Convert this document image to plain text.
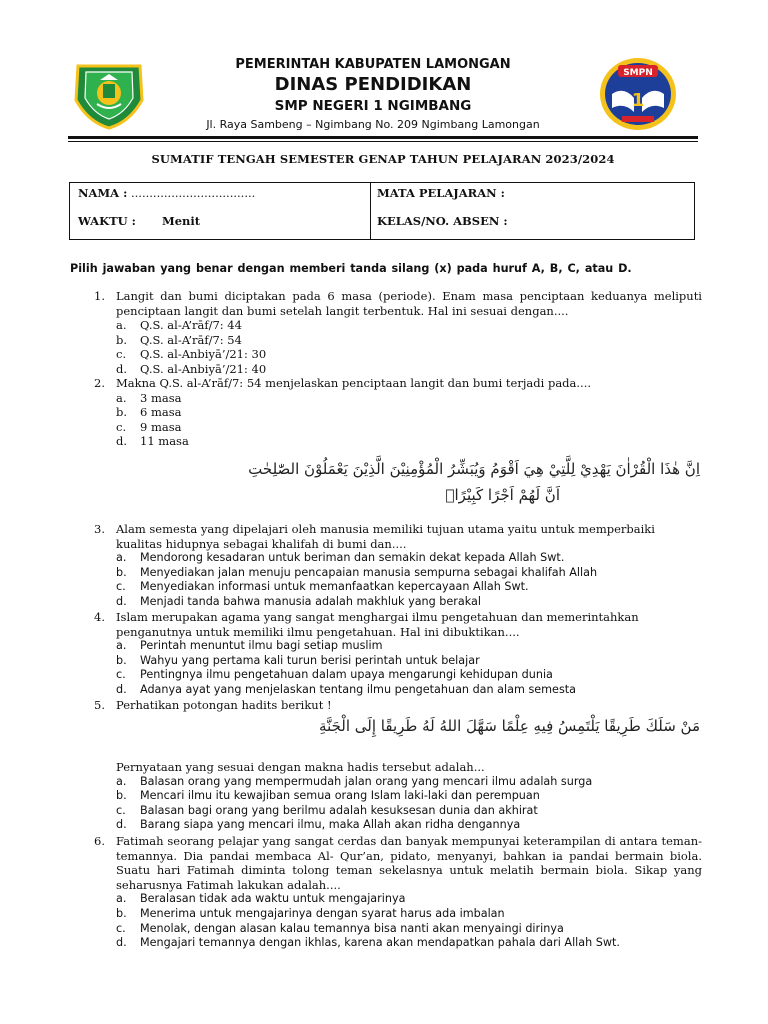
PEMERINTAH KABUPATEN LAMONGAN
DINAS PENDIDIKAN
SMP NEGERI 1 NGIMBANG
Jl. Raya Sambeng – Ngimbang No. 209 Ngimbang Lamongan
SMPN
1
SUMATIF TENGAH SEMESTER GENAP TAHUN PELAJARAN 2023/2024
NAMA : ..................................
WAKTU : Menit
MATA PELAJARAN :
KELAS/NO. ABSEN :
Pilih jawaban yang benar dengan memberi tanda silang (x) pada huruf A, B, C, atau D.
1. Langit dan bumi diciptakan pada 6 masa (periode). Enam masa penciptaan keduanya meliputi penciptaan langit dan bumi setelah langit terbentuk. Hal ini sesuai dengan....
a. Q.S. al-A’rāf/7: 44
b. Q.S. al-A’rāf/7: 54
c. Q.S. al-Anbiyā’/21: 30
d. Q.S. al-Anbiyā’/21: 40
2. Makna Q.S. al-A’rāf/7: 54 menjelaskan penciptaan langit dan bumi terjadi pada....
a. 3 masa
b. 6 masa
c. 9 masa
d. 11 masa
اِنَّ هٰذَا الْقُرْاٰنَ يَهْدِيْ لِلَّتِيْ هِيَ اَقْوَمُ وَيُبَشِّرُ الْمُؤْمِنِيْنَ الَّذِيْنَ يَعْمَلُوْنَ الصّٰلِحٰتِ
اَنَّ لَهُمْ اَجْرًا كَبِيْرًاۙ
3. Alam semesta yang dipelajari oleh manusia memiliki tujuan utama yaitu untuk memperbaiki kualitas hidupnya sebagai khalifah di bumi dan....
a. Mendorong kesadaran untuk beriman dan semakin dekat kepada Allah Swt.
b. Menyediakan jalan menuju pencapaian manusia sempurna sebagai khalifah Allah
c. Menyediakan informasi untuk memanfaatkan kepercayaan Allah Swt.
d. Menjadi tanda bahwa manusia adalah makhluk yang berakal
4. Islam merupakan agama yang sangat menghargai ilmu pengetahuan dan memerintahkan penganutnya untuk memiliki ilmu pengetahuan. Hal ini dibuktikan....
a. Perintah menuntut ilmu bagi setiap muslim
b. Wahyu yang pertama kali turun berisi perintah untuk belajar
c. Pentingnya ilmu pengetahuan dalam upaya mengarungi kehidupan dunia
d. Adanya ayat yang menjelaskan tentang ilmu pengetahuan dan alam semesta
5. Perhatikan potongan hadits berikut !
مَنْ سَلَكَ طَرِيقًا يَلْتَمِسُ فِيهِ عِلْمًا سَهَّلَ اللهُ لَهُ طَرِيقًا إِلَى الْجَنَّةِ
Pernyataan yang sesuai dengan makna hadis tersebut adalah...
a. Balasan orang yang mempermudah jalan orang yang mencari ilmu adalah surga
b. Mencari ilmu itu kewajiban semua orang Islam laki-laki dan perempuan
c. Balasan bagi orang yang berilmu adalah kesuksesan dunia dan akhirat
d. Barang siapa yang mencari ilmu, maka Allah akan ridha dengannya
6. Fatimah seorang pelajar yang sangat cerdas dan banyak mempunyai keterampilan di antara teman-temannya. Dia pandai membaca Al- Qur’an, pidato, menyanyi, bahkan ia pandai bermain biola. Suatu hari Fatimah diminta tolong teman sekelasnya untuk melatih bermain biola. Sikap yang seharusnya Fatimah lakukan adalah....
a. Beralasan tidak ada waktu untuk mengajarinya
b. Menerima untuk mengajarinya dengan syarat harus ada imbalan
c. Menolak, dengan alasan kalau temannya bisa nanti akan menyaingi dirinya
d. Mengajari temannya dengan ikhlas, karena akan mendapatkan pahala dari Allah Swt.
